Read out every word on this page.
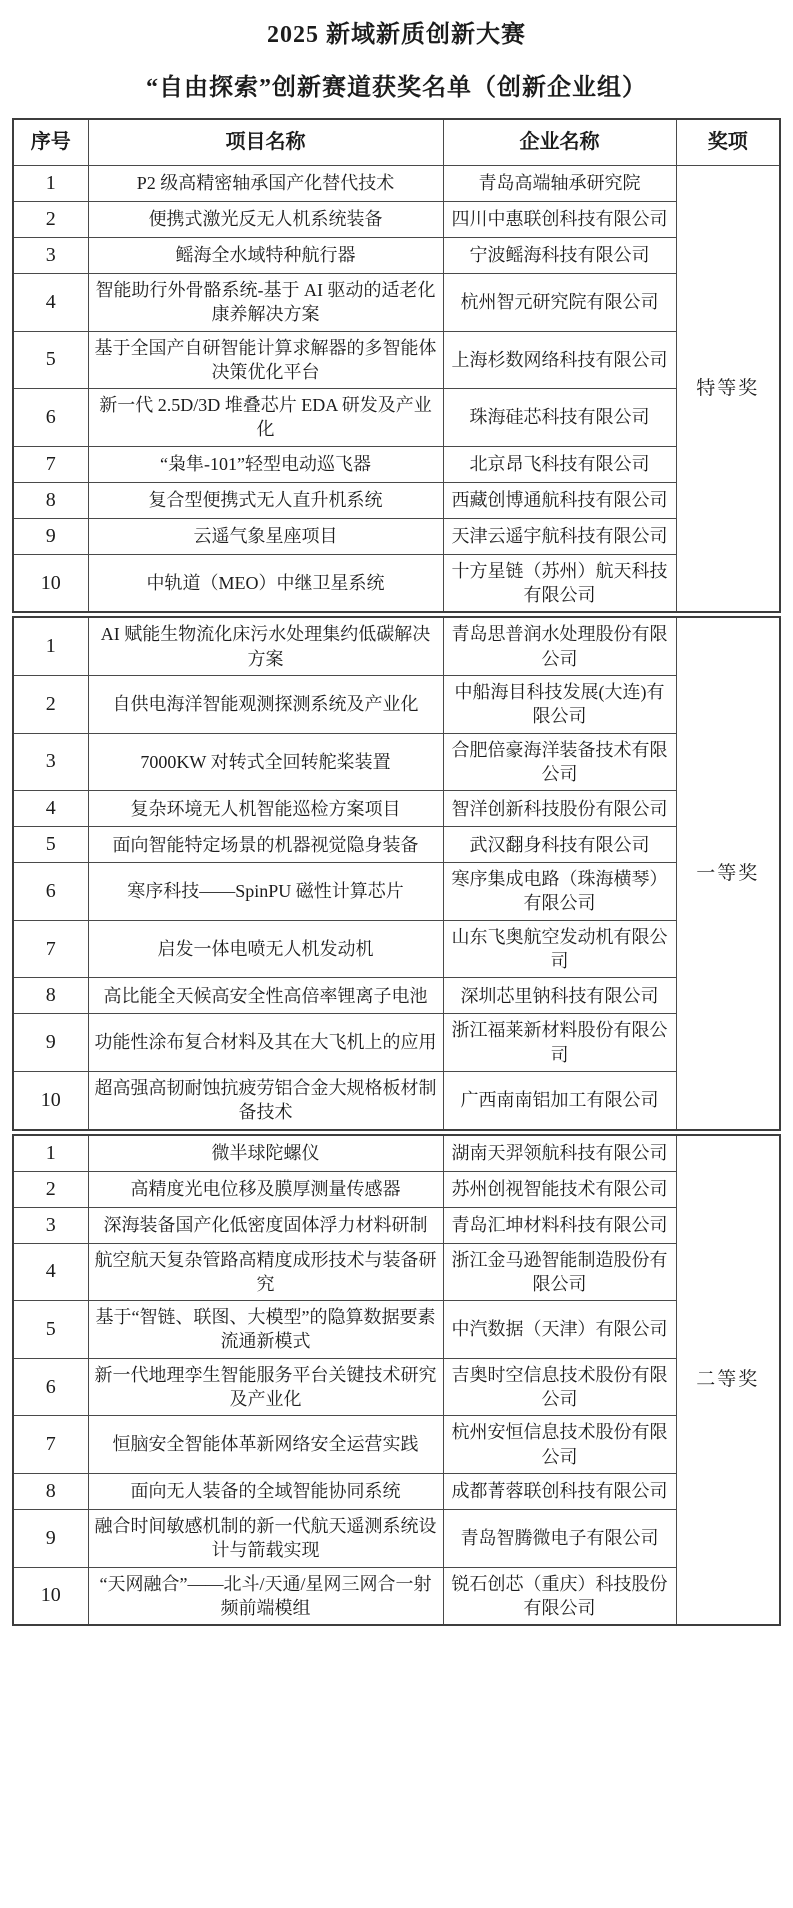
2025 新域新质创新大赛
“自由探索”创新赛道获奖名单（创新企业组）
序号	项目名称	企业名称	奖项
1	P2 级高精密轴承国产化替代技术	青岛高端轴承研究院	特等奖
2	便携式激光反无人机系统装备	四川中惠联创科技有限公司	
3	鳐海全水域特种航行器	宁波鳐海科技有限公司	
4	智能助行外骨骼系统-基于 AI 驱动的适老化康养解决方案	杭州智元研究院有限公司	
5	基于全国产自研智能计算求解器的多智能体决策优化平台	上海杉数网络科技有限公司	
6	新一代 2.5D/3D 堆叠芯片 EDA 研发及产业化	珠海硅芯科技有限公司	
7	“枭隼-101”轻型电动巡飞器	北京昂飞科技有限公司	
8	复合型便携式无人直升机系统	西藏创博通航科技有限公司	
9	云遥气象星座项目	天津云遥宇航科技有限公司	
10	中轨道（MEO）中继卫星系统	十方星链（苏州）航天科技有限公司	
1	AI 赋能生物流化床污水处理集约低碳解决方案	青岛思普润水处理股份有限公司	一等奖
2	自供电海洋智能观测探测系统及产业化	中船海目科技发展(大连)有限公司	
3	7000KW 对转式全回转舵桨装置	合肥倍豪海洋装备技术有限公司	
4	复杂环境无人机智能巡检方案项目	智洋创新科技股份有限公司	
5	面向智能特定场景的机器视觉隐身装备	武汉翻身科技有限公司	
6	寒序科技——SpinPU 磁性计算芯片	寒序集成电路（珠海横琴）有限公司	
7	启发一体电喷无人机发动机	山东飞奥航空发动机有限公司	
8	高比能全天候高安全性高倍率锂离子电池	深圳芯里钠科技有限公司	
9	功能性涂布复合材料及其在大飞机上的应用	浙江福莱新材料股份有限公司	
10	超高强高韧耐蚀抗疲劳铝合金大规格板材制备技术	广西南南铝加工有限公司	
1	微半球陀螺仪	湖南天羿领航科技有限公司	二等奖
2	高精度光电位移及膜厚测量传感器	苏州创视智能技术有限公司	
3	深海装备国产化低密度固体浮力材料研制	青岛汇坤材料科技有限公司	
4	航空航天复杂管路高精度成形技术与装备研究	浙江金马逊智能制造股份有限公司	
5	基于“智链、联图、大模型”的隐算数据要素流通新模式	中汽数据（天津）有限公司	
6	新一代地理孪生智能服务平台关键技术研究及产业化	吉奥时空信息技术股份有限公司	
7	恒脑安全智能体革新网络安全运营实践	杭州安恒信息技术股份有限公司	
8	面向无人装备的全域智能协同系统	成都菁蓉联创科技有限公司	
9	融合时间敏感机制的新一代航天遥测系统设计与箭载实现	青岛智腾微电子有限公司	
10	“天网融合”——北斗/天通/星网三网合一射频前端模组	锐石创芯（重庆）科技股份有限公司	
